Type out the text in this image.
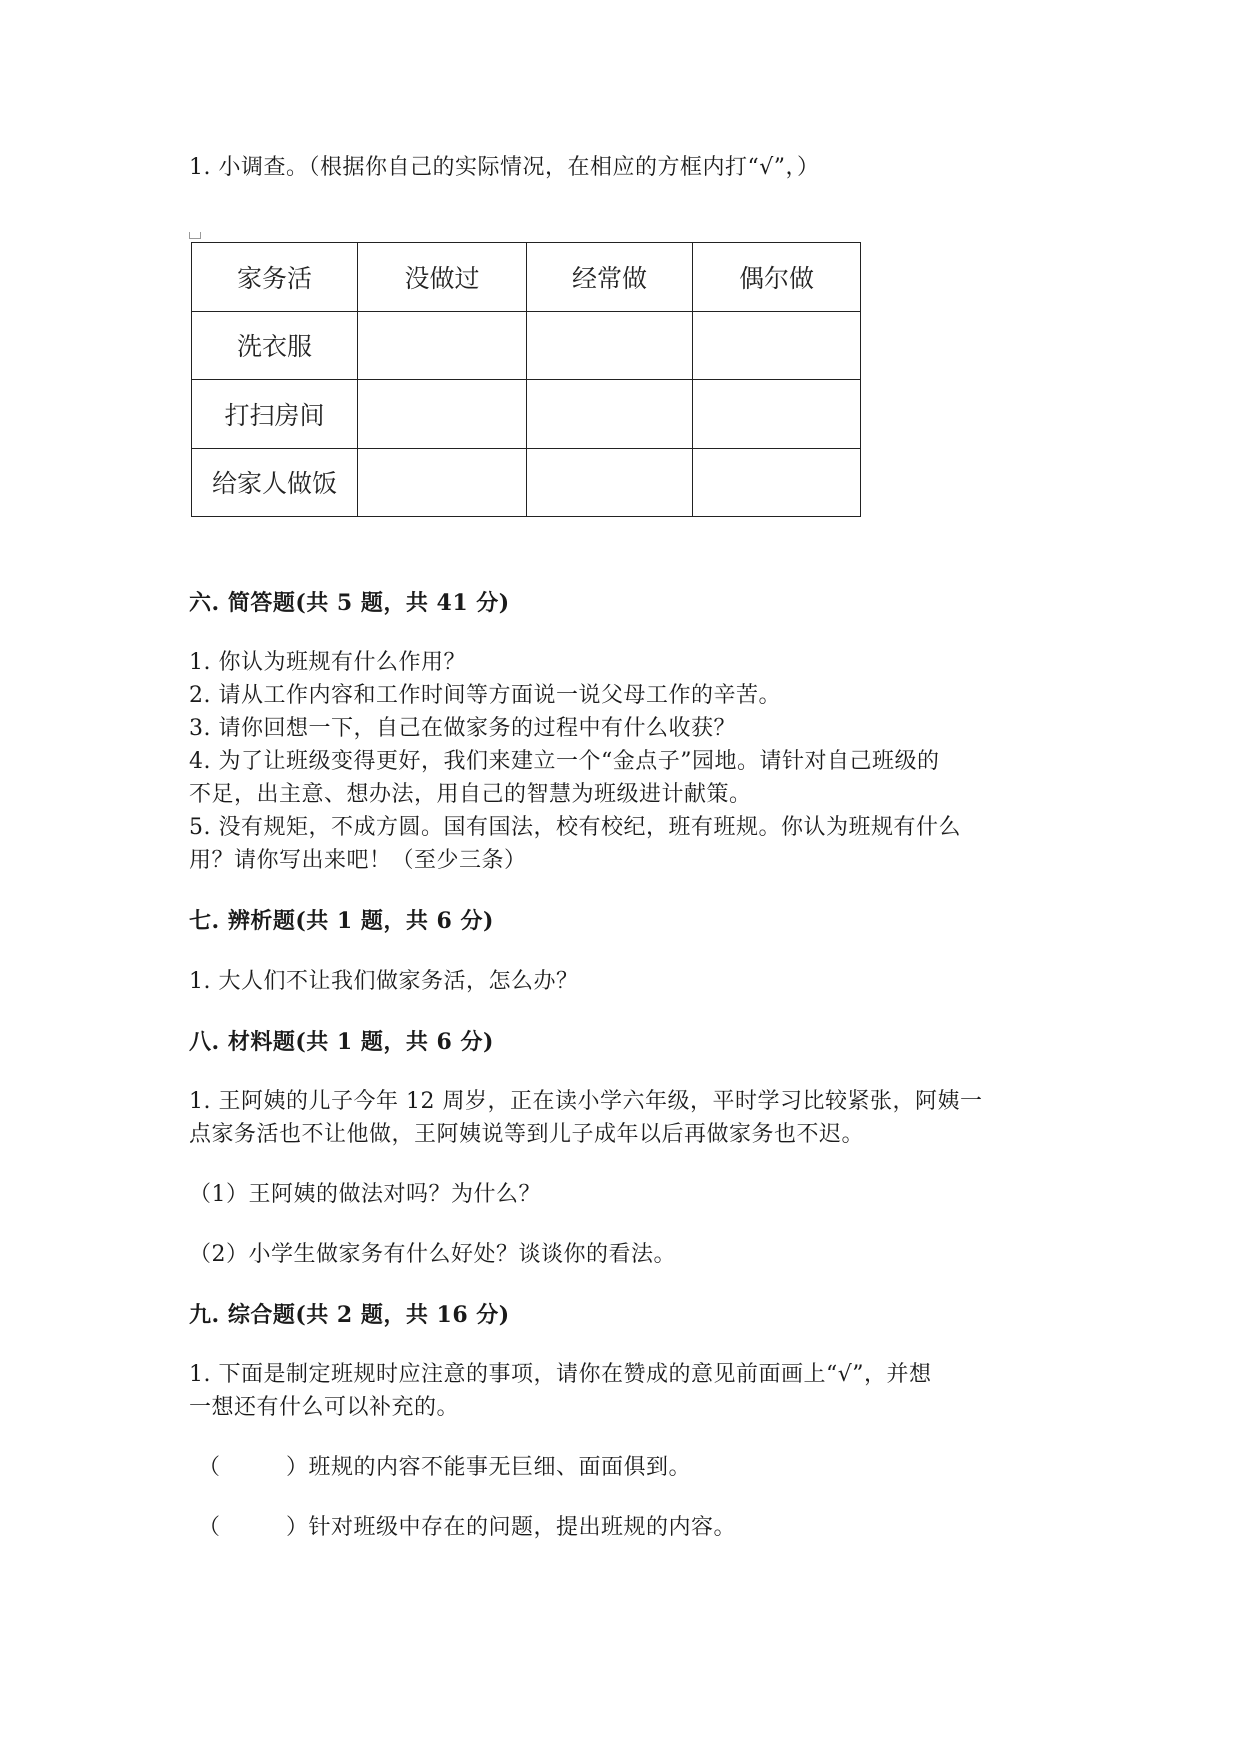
1. 小调查。（根据你自己的实际情况，在相应的方框内打“√”，）
家务活	没做过	经常做	偶尔做
洗衣服			
打扫房间			
给家人做饭			
六. 简答题(共 5 题，共 41 分)
1. 你认为班规有什么作用？
2. 请从工作内容和工作时间等方面说一说父母工作的辛苦。
3. 请你回想一下，自己在做家务的过程中有什么收获？
4. 为了让班级变得更好，我们来建立一个“金点子”园地。请针对自己班级的
不足，出主意、想办法，用自己的智慧为班级进计献策。
5. 没有规矩，不成方圆。国有国法，校有校纪，班有班规。你认为班规有什么
用？请你写出来吧！（至少三条）
七. 辨析题(共 1 题，共 6 分)
1. 大人们不让我们做家务活，怎么办？
八. 材料题(共 1 题，共 6 分)
1. 王阿姨的儿子今年 12 周岁，正在读小学六年级，平时学习比较紧张，阿姨一
点家务活也不让他做，王阿姨说等到儿子成年以后再做家务也不迟。
（1）王阿姨的做法对吗？为什么？
（2）小学生做家务有什么好处？谈谈你的看法。
九. 综合题(共 2 题，共 16 分)
1. 下面是制定班规时应注意的事项，请你在赞成的意见前面画上“√”，并想
一想还有什么可以补充的。
（	）班规的内容不能事无巨细、面面俱到。
（	）针对班级中存在的问题，提出班规的内容。
